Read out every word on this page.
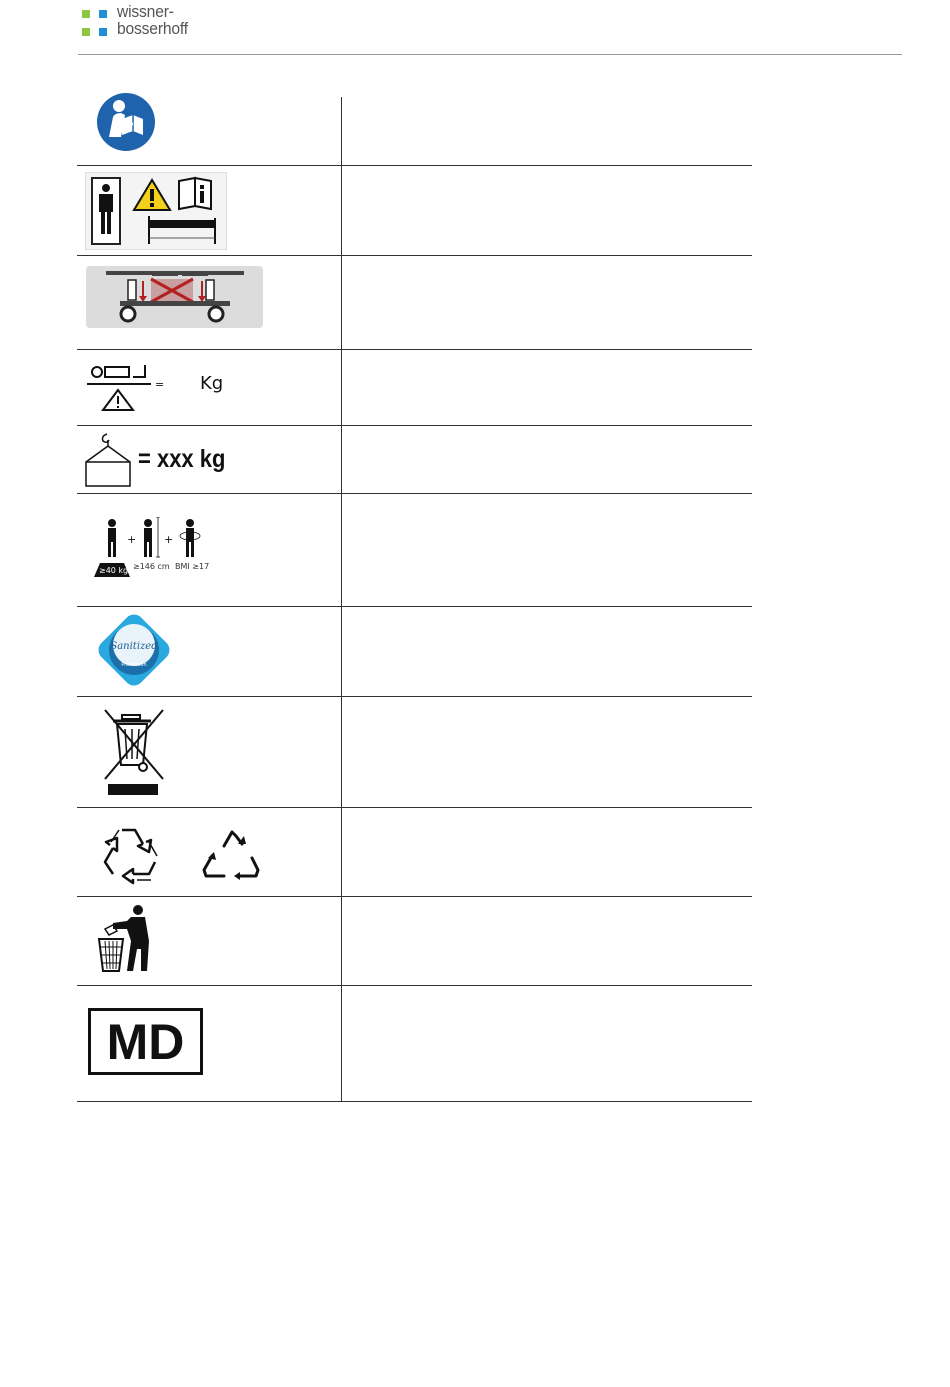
wissner-
bosserhoff
= Kg
= xxx kg
+	+
≥40 kg ≥146 cm BMI ≥17
Sanitized
Protection
MD
